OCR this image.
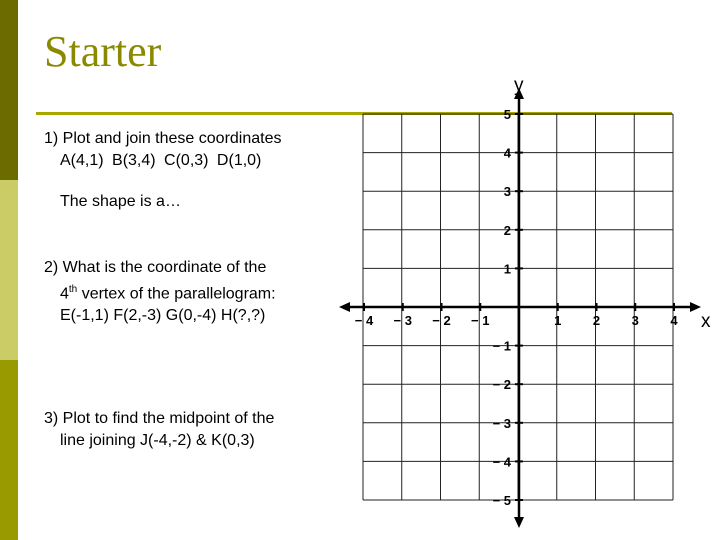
Starter
1) Plot and join these coordinates
A(4,1) B(3,4) C(0,3) D(1,0)
The shape is a…
2) What is the coordinate of the
4th vertex of the parallelogram:
E(-1,1) F(2,-3) G(0,-4) H(?,?)
3) Plot to find the midpoint of the
line joining J(-4,-2) & K(0,3)
− 4 − 3 − 2 − 1	1 2 3 4
− 5
− 4
− 3
− 2
− 1
1
2
3
4
5
x
y
